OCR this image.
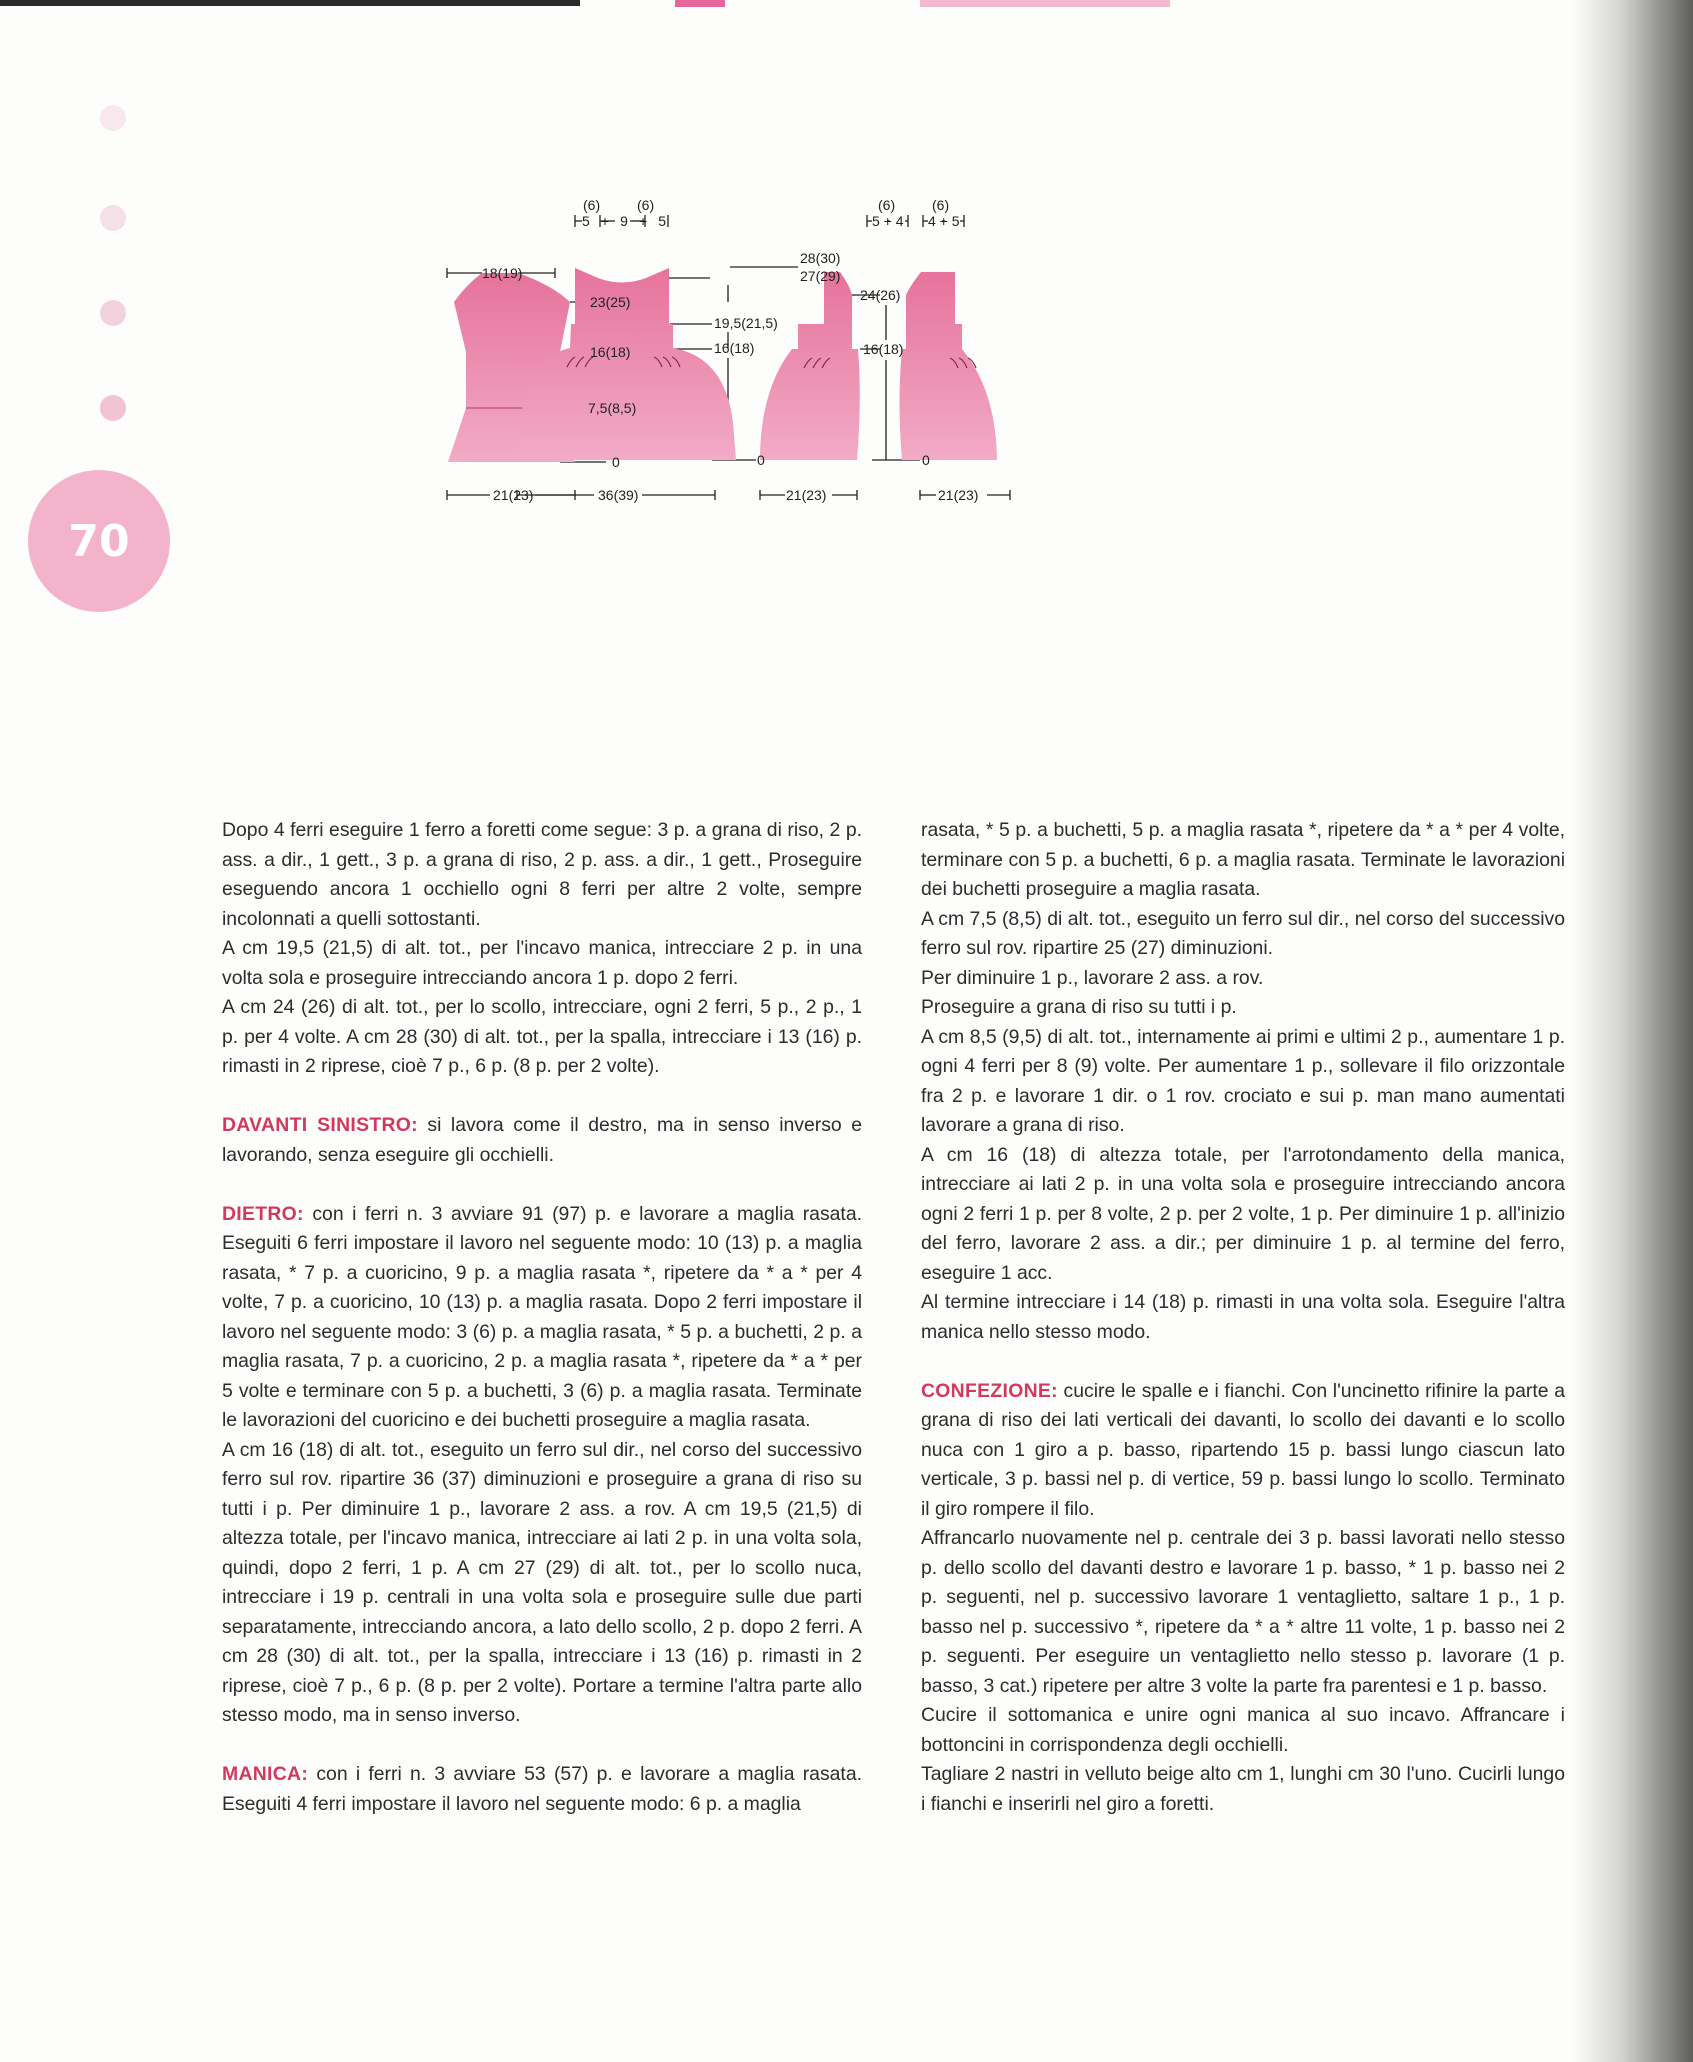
70
18(19)
23(25)
16(18)
7,5(8,5)
0
21(23)
(6)	(6)
5 + 9 + 5
28(30)
27(29)
19,5(21,5)
16(18)
0
36(39)
(6)
5 + 4
24(26)
16(18)
0
21(23)
(6)
4 + 5
21(23)

Dopo 4 ferri eseguire 1 ferro a foretti come segue: 3 p. a grana di riso, 2 p. ass. a dir., 1 gett., 3 p. a grana di riso, 2 p. ass. a dir., 1 gett., Proseguire eseguendo ancora 1 occhiello ogni 8 ferri per altre 2 volte, sempre incolonnati a quelli sottostanti.

A cm 19,5 (21,5) di alt. tot., per l'incavo manica, intrecciare 2 p. in una volta sola e proseguire intrecciando ancora 1 p. dopo 2 ferri.

A cm 24 (26) di alt. tot., per lo scollo, intrecciare, ogni 2 ferri, 5 p., 2 p., 1 p. per 4 volte. A cm 28 (30) di alt. tot., per la spalla, intrecciare i 13 (16) p. rimasti in 2 riprese, cioè 7 p., 6 p. (8 p. per 2 volte).

DAVANTI SINISTRO: si lavora come il destro, ma in senso inverso e lavorando, senza eseguire gli occhielli.

DIETRO: con i ferri n. 3 avviare 91 (97) p. e lavorare a maglia rasata. Eseguiti 6 ferri impostare il lavoro nel seguente modo: 10 (13) p. a maglia rasata, * 7 p. a cuoricino, 9 p. a maglia rasata *, ripetere da * a * per 4 volte, 7 p. a cuoricino, 10 (13) p. a maglia rasata. Dopo 2 ferri impostare il lavoro nel seguente modo: 3 (6) p. a maglia rasata, * 5 p. a buchetti, 2 p. a maglia rasata, 7 p. a cuoricino, 2 p. a maglia rasata *, ripetere da * a * per 5 volte e terminare con 5 p. a buchetti, 3 (6) p. a maglia rasata. Terminate le lavorazioni del cuoricino e dei buchetti proseguire a maglia rasata.

A cm 16 (18) di alt. tot., eseguito un ferro sul dir., nel corso del successivo ferro sul rov. ripartire 36 (37) diminuzioni e proseguire a grana di riso su tutti i p. Per diminuire 1 p., lavorare 2 ass. a rov. A cm 19,5 (21,5) di altezza totale, per l'incavo manica, intrecciare ai lati 2 p. in una volta sola, quindi, dopo 2 ferri, 1 p. A cm 27 (29) di alt. tot., per lo scollo nuca, intrecciare i 19 p. centrali in una volta sola e proseguire sulle due parti separatamente, intrecciando ancora, a lato dello scollo, 2 p. dopo 2 ferri. A cm 28 (30) di alt. tot., per la spalla, intrecciare i 13 (16) p. rimasti in 2 riprese, cioè 7 p., 6 p. (8 p. per 2 volte). Portare a termine l'altra parte allo stesso modo, ma in senso inverso.

MANICA: con i ferri n. 3 avviare 53 (57) p. e lavorare a maglia rasata. Eseguiti 4 ferri impostare il lavoro nel seguente modo: 6 p. a maglia

rasata, * 5 p. a buchetti, 5 p. a maglia rasata *, ripetere da * a * per 4 volte, terminare con 5 p. a buchetti, 6 p. a maglia rasata. Terminate le lavorazioni dei buchetti proseguire a maglia rasata.

A cm 7,5 (8,5) di alt. tot., eseguito un ferro sul dir., nel corso del successivo ferro sul rov. ripartire 25 (27) diminuzioni.

Per diminuire 1 p., lavorare 2 ass. a rov.

Proseguire a grana di riso su tutti i p.

A cm 8,5 (9,5) di alt. tot., internamente ai primi e ultimi 2 p., aumentare 1 p. ogni 4 ferri per 8 (9) volte. Per aumentare 1 p., sollevare il filo orizzontale fra 2 p. e lavorare 1 dir. o 1 rov. crociato e sui p. man mano aumentati lavorare a grana di riso.

A cm 16 (18) di altezza totale, per l'arrotondamento della manica, intrecciare ai lati 2 p. in una volta sola e proseguire intrecciando ancora ogni 2 ferri 1 p. per 8 volte, 2 p. per 2 volte, 1 p. Per diminuire 1 p. all'inizio del ferro, lavorare 2 ass. a dir.; per diminuire 1 p. al termine del ferro, eseguire 1 acc.

Al termine intrecciare i 14 (18) p. rimasti in una volta sola. Eseguire l'altra manica nello stesso modo.

CONFEZIONE: cucire le spalle e i fianchi. Con l'uncinetto rifinire la parte a grana di riso dei lati verticali dei davanti, lo scollo dei davanti e lo scollo nuca con 1 giro a p. basso, ripartendo 15 p. bassi lungo ciascun lato verticale, 3 p. bassi nel p. di vertice, 59 p. bassi lungo lo scollo. Terminato il giro rompere il filo.

Affrancarlo nuovamente nel p. centrale dei 3 p. bassi lavorati nello stesso p. dello scollo del davanti destro e lavorare 1 p. basso, * 1 p. basso nei 2 p. seguenti, nel p. successivo lavorare 1 ventaglietto, saltare 1 p., 1 p. basso nel p. successivo *, ripetere da * a * altre 11 volte, 1 p. basso nei 2 p. seguenti. Per eseguire un ventaglietto nello stesso p. lavorare (1 p. basso, 3 cat.) ripetere per altre 3 volte la parte fra parentesi e 1 p. basso.

Cucire il sottomanica e unire ogni manica al suo incavo. Affrancare i bottoncini in corrispondenza degli occhielli.

Tagliare 2 nastri in velluto beige alto cm 1, lunghi cm 30 l'uno. Cucirli lungo i fianchi e inserirli nel giro a foretti.
